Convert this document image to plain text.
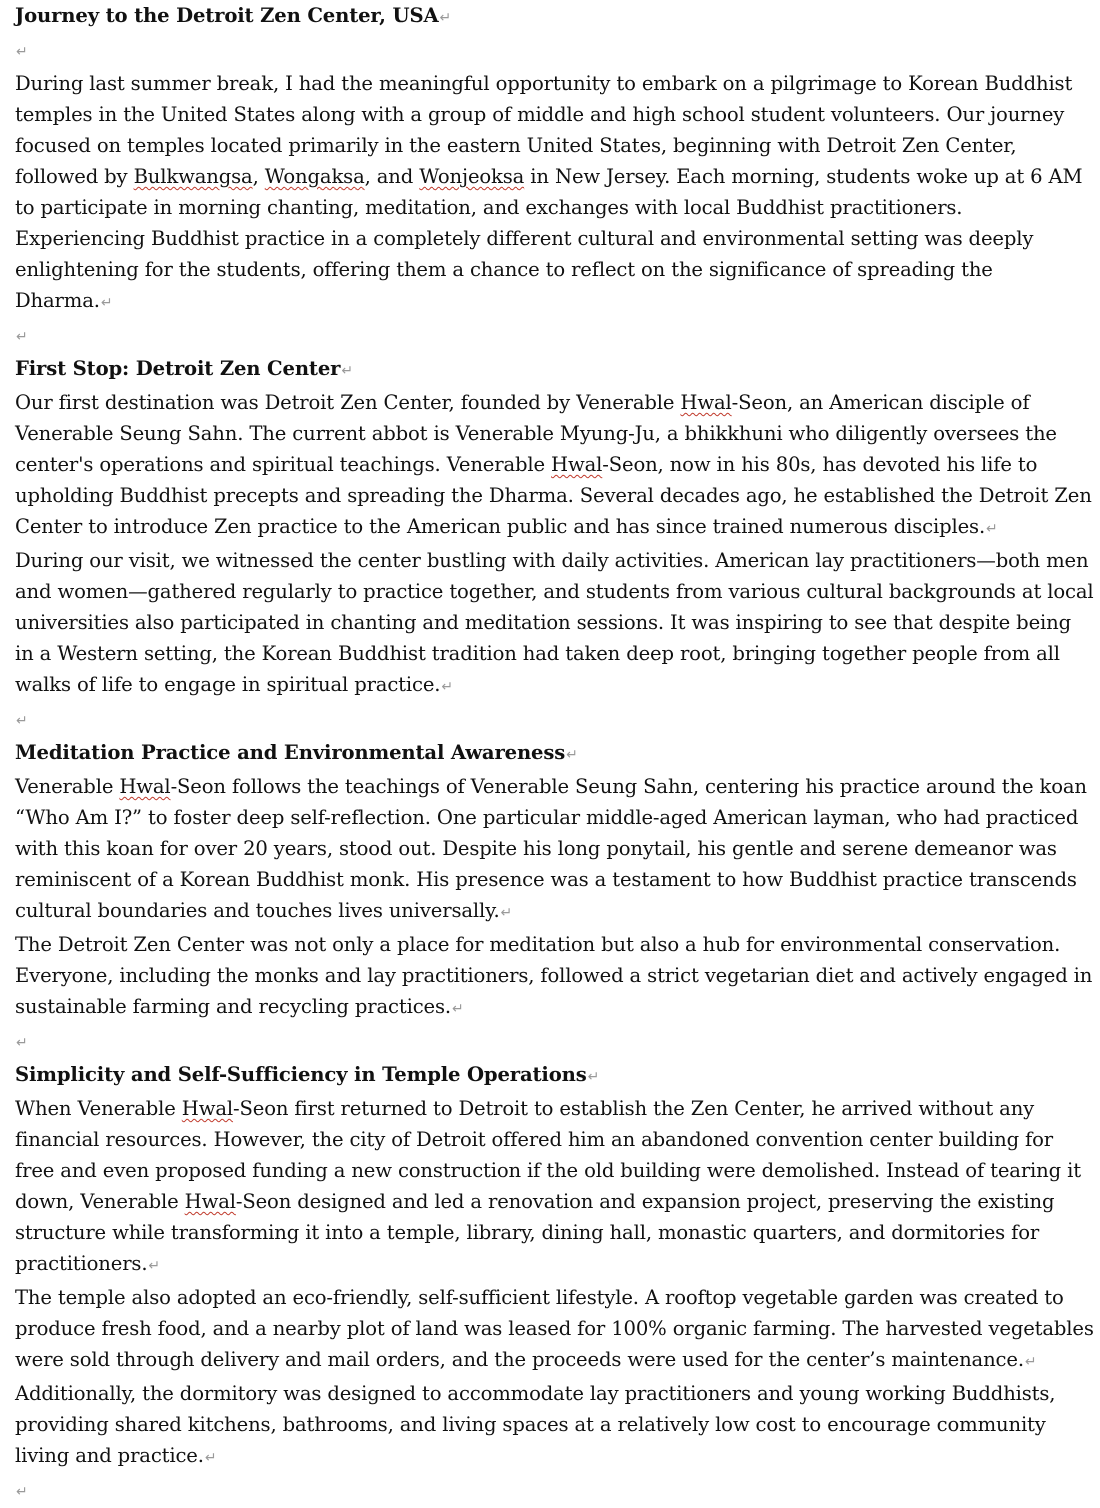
Journey to the Detroit Zen Center, USA↵

↵

During last summer break, I had the meaningful opportunity to embark on a pilgrimage to Korean Buddhist temples in the United States along with a group of middle and high school student volunteers. Our journey focused on temples located primarily in the eastern United States, beginning with Detroit Zen Center, followed by Bulkwangsa, Wongaksa, and Wonjeoksa in New Jersey. Each morning, students woke up at 6 AM to participate in morning chanting, meditation, and exchanges with local Buddhist practitioners. Experiencing Buddhist practice in a completely different cultural and environmental setting was deeply enlightening for the students, offering them a chance to reflect on the significance of spreading the Dharma.↵

↵

First Stop: Detroit Zen Center↵

Our first destination was Detroit Zen Center, founded by Venerable Hwal-Seon, an American disciple of Venerable Seung Sahn. The current abbot is Venerable Myung-Ju, a bhikkhuni who diligently oversees the center's operations and spiritual teachings. Venerable Hwal-Seon, now in his 80s, has devoted his life to upholding Buddhist precepts and spreading the Dharma. Several decades ago, he established the Detroit Zen Center to introduce Zen practice to the American public and has since trained numerous disciples.↵

During our visit, we witnessed the center bustling with daily activities. American lay practitioners—both men and women—gathered regularly to practice together, and students from various cultural backgrounds at local universities also participated in chanting and meditation sessions. It was inspiring to see that despite being in a Western setting, the Korean Buddhist tradition had taken deep root, bringing together people from all walks of life to engage in spiritual practice.↵

↵

Meditation Practice and Environmental Awareness↵

Venerable Hwal-Seon follows the teachings of Venerable Seung Sahn, centering his practice around the koan “Who Am I?” to foster deep self-reflection. One particular middle-aged American layman, who had practiced with this koan for over 20 years, stood out. Despite his long ponytail, his gentle and serene demeanor was reminiscent of a Korean Buddhist monk. His presence was a testament to how Buddhist practice transcends cultural boundaries and touches lives universally.↵

The Detroit Zen Center was not only a place for meditation but also a hub for environmental conservation. Everyone, including the monks and lay practitioners, followed a strict vegetarian diet and actively engaged in sustainable farming and recycling practices.↵

↵

Simplicity and Self-Sufficiency in Temple Operations↵

When Venerable Hwal-Seon first returned to Detroit to establish the Zen Center, he arrived without any financial resources. However, the city of Detroit offered him an abandoned convention center building for free and even proposed funding a new construction if the old building were demolished. Instead of tearing it down, Venerable Hwal-Seon designed and led a renovation and expansion project, preserving the existing structure while transforming it into a temple, library, dining hall, monastic quarters, and dormitories for practitioners.↵

The temple also adopted an eco-friendly, self-sufficient lifestyle. A rooftop vegetable garden was created to produce fresh food, and a nearby plot of land was leased for 100% organic farming. The harvested vegetables were sold through delivery and mail orders, and the proceeds were used for the center’s maintenance.↵

Additionally, the dormitory was designed to accommodate lay practitioners and young working Buddhists, providing shared kitchens, bathrooms, and living spaces at a relatively low cost to encourage community living and practice.↵

↵
